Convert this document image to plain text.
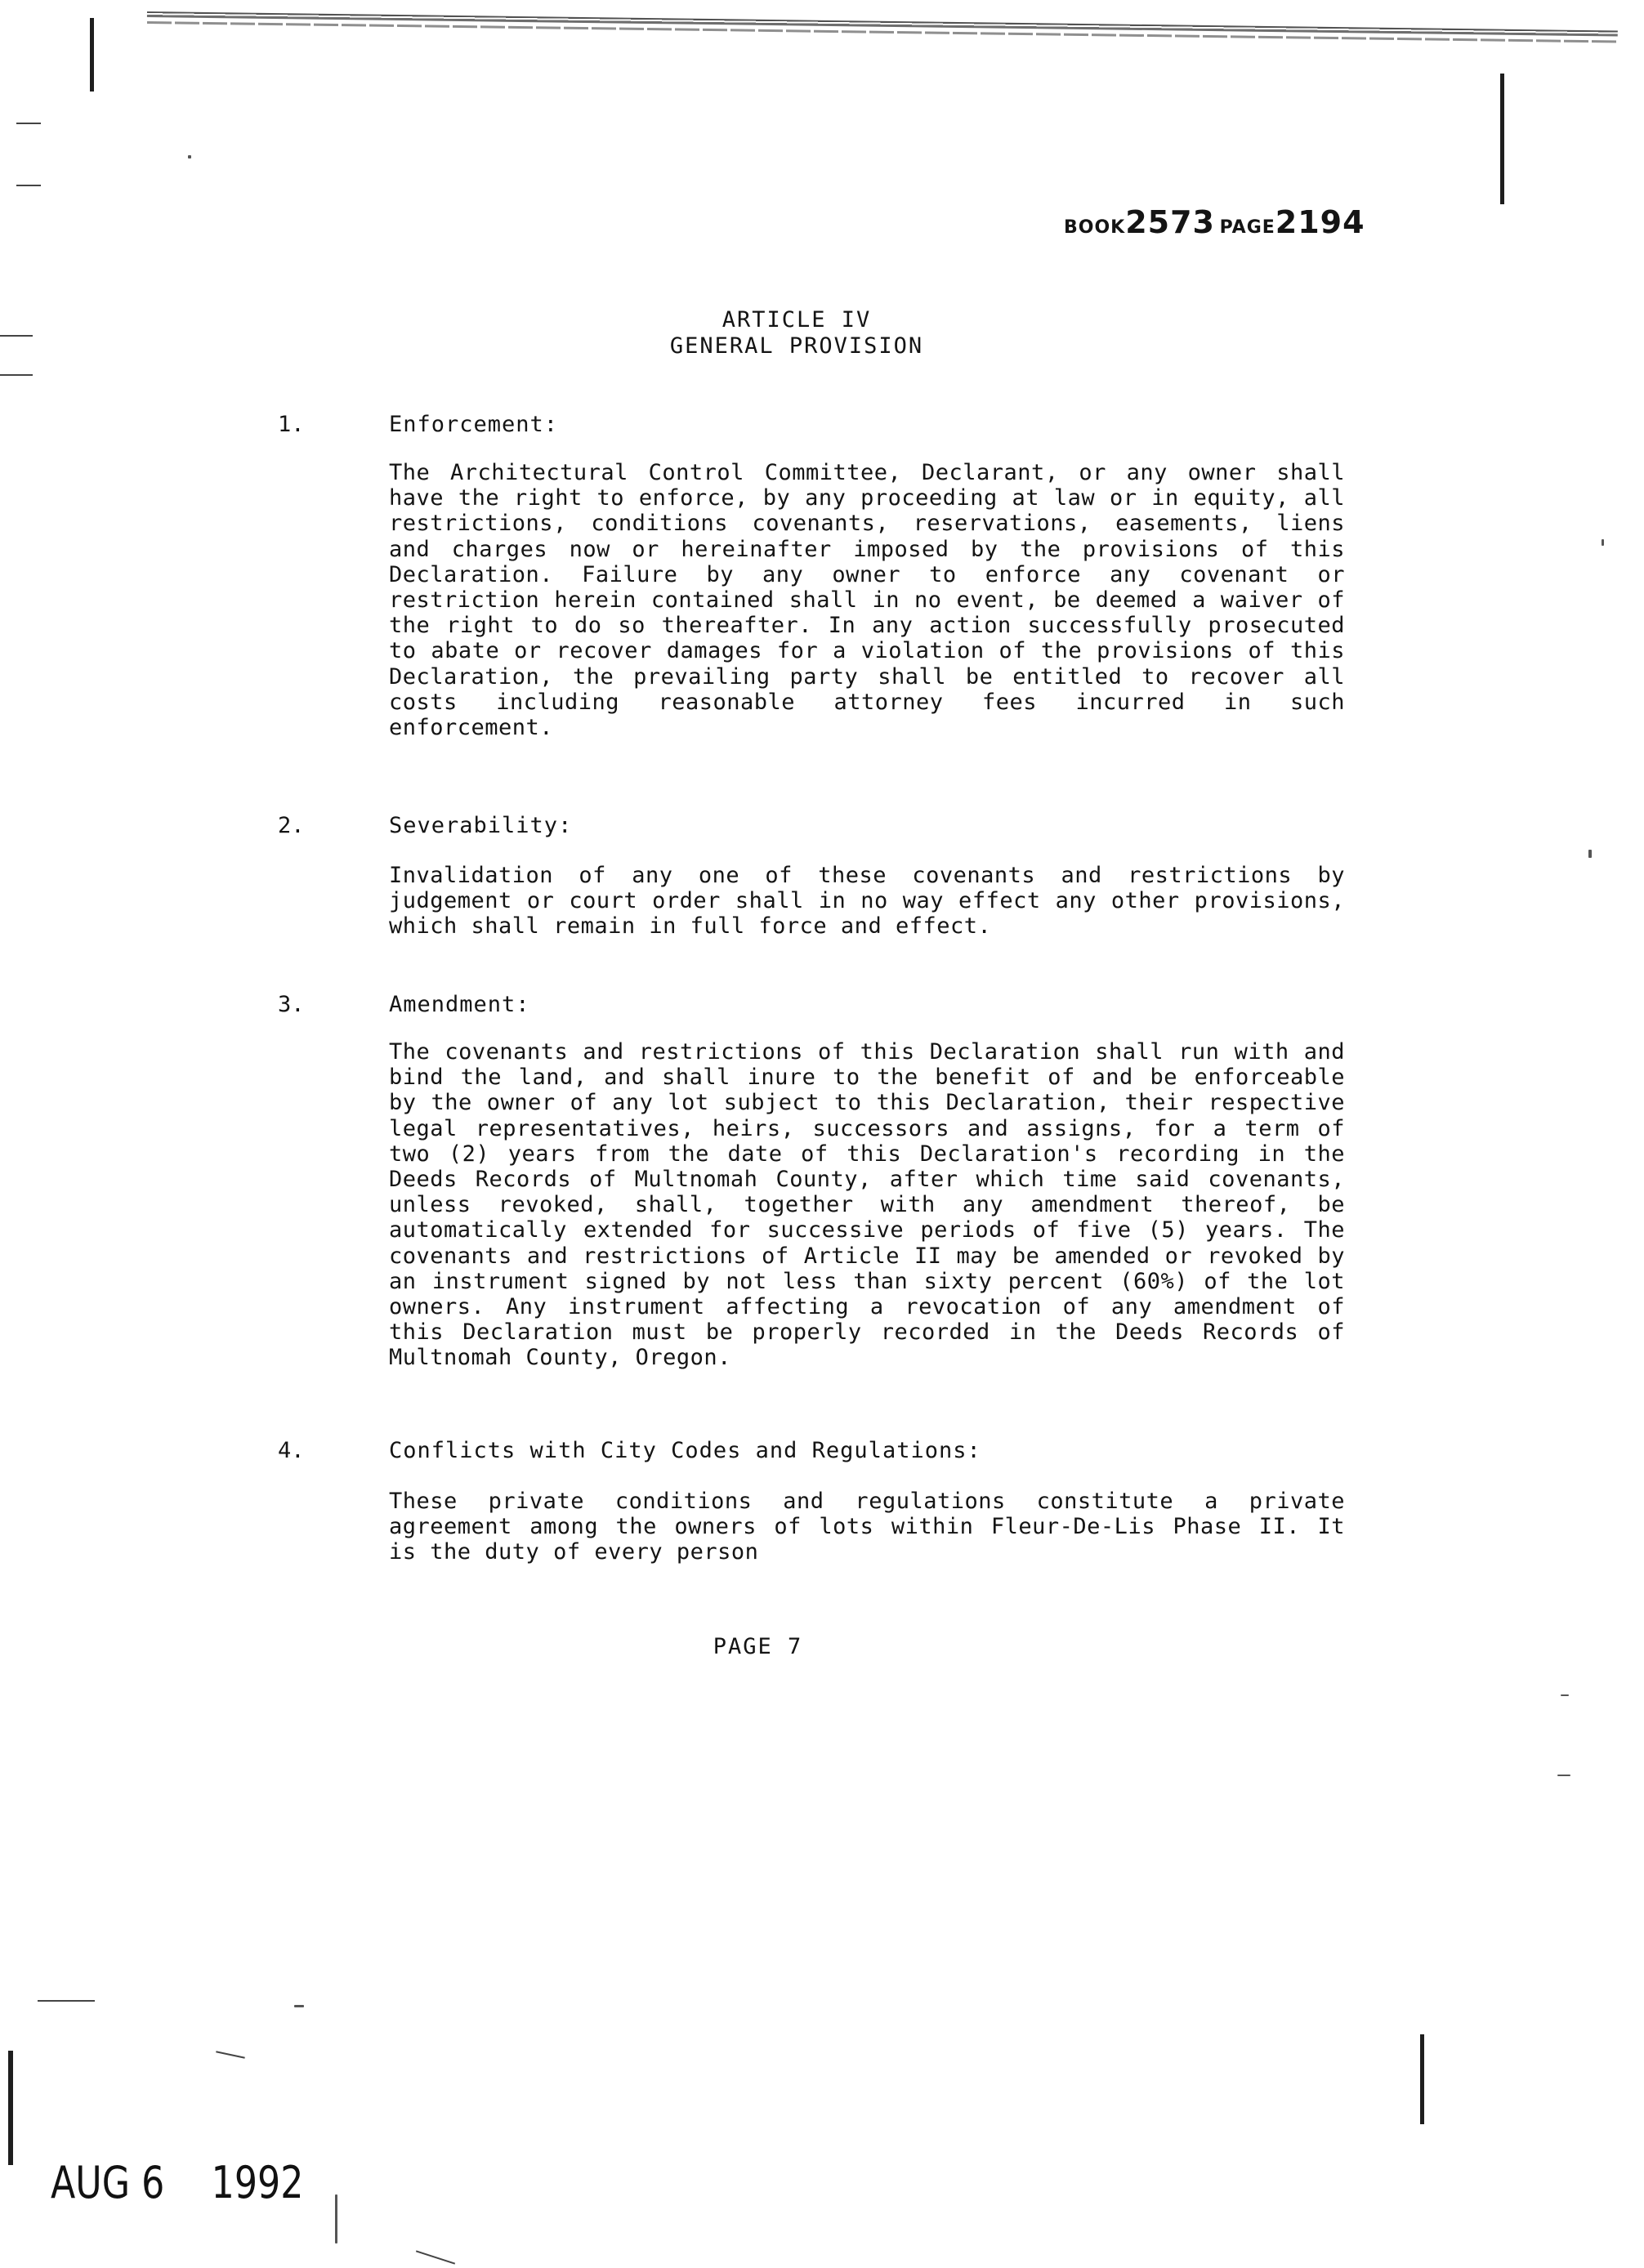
BOOK2573 PAGE2194
ARTICLE IV
GENERAL PROVISION
1.	Enforcement:
The Architectural Control Committee, Declarant, or any owner shall have the right to enforce, by any proceeding at law or in equity, all restrictions, conditions covenants, reservations, easements, liens and charges now or hereinafter imposed by the provisions of this Declaration. Failure by any owner to enforce any covenant or restriction herein contained shall in no event, be deemed a waiver of the right to do so thereafter. In any action successfully prosecuted to abate or recover damages for a violation of the provisions of this Declaration, the prevailing party shall be entitled to recover all costs including reasonable attorney fees incurred in such enforcement.
2.	Severability:
Invalidation of any one of these covenants and restrictions by judgement or court order shall in no way effect any other provisions, which shall remain in full force and effect.
3.	Amendment:
The covenants and restrictions of this Declaration shall run with and bind the land, and shall inure to the benefit of and be enforceable by the owner of any lot subject to this Declaration, their respective legal representatives, heirs, successors and assigns, for a term of two (2) years from the date of this Declaration's recording in the Deeds Records of Multnomah County, after which time said covenants, unless revoked, shall, together with any amendment thereof, be automatically extended for successive periods of five (5) years. The covenants and restrictions of Article II may be amended or revoked by an instrument signed by not less than sixty percent (60%) of the lot owners. Any instrument affecting a revocation of any amendment of this Declaration must be properly recorded in the Deeds Records of Multnomah County, Oregon.
4.	Conflicts with City Codes and Regulations:
These private conditions and regulations constitute a private agreement among the owners of lots within Fleur-De-Lis Phase II. It is the duty of every person
PAGE 7
AUG 6 1992
